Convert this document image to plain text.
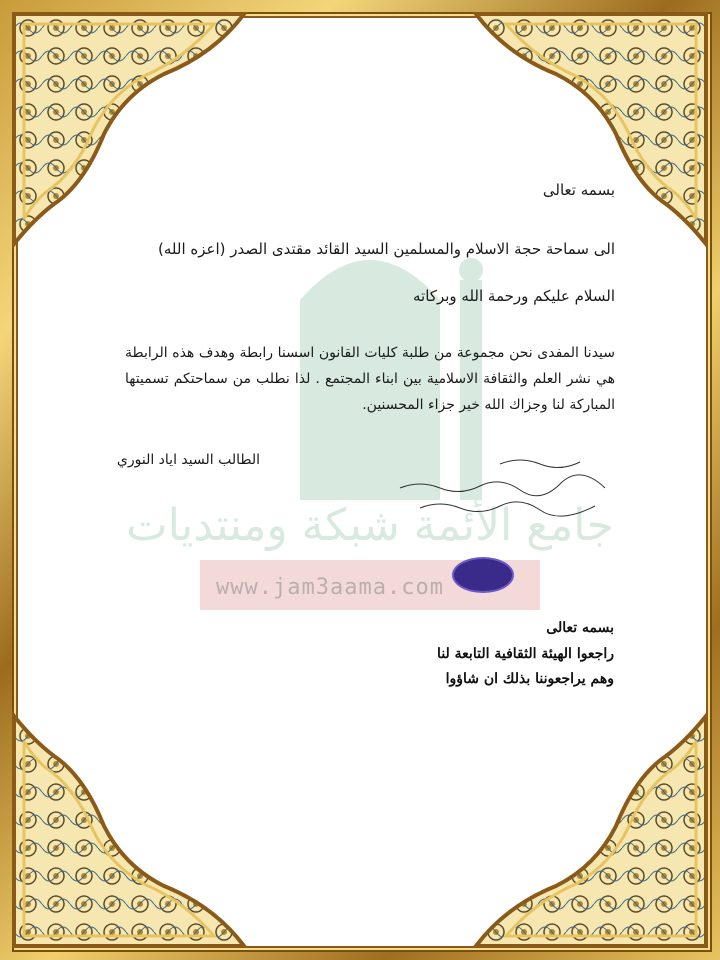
جامع الأئمة شبكة ومنتديات
www.jam3aama.com
بسمه تعالى
الى سماحة حجة الاسلام والمسلمين السيد القائد مقتدى الصدر (اعزه الله)
السلام عليكم ورحمة الله وبركاته
سيدنا المفدى نحن مجموعة من طلبة كليات القانون اسسنا رابطة وهدف هذه الرابطة هي نشر العلم والثقافة الاسلامية بين ابناء المجتمع . لذا نطلب من سماحتكم تسميتها المباركة لنا وجزاك الله خير جزاء المحسنين.
الطالب السيد اياد النوري
بسمه تعالى
راجعوا الهيئة الثقافية التابعة لنا
وهم يراجعوننا بذلك ان شاؤوا
